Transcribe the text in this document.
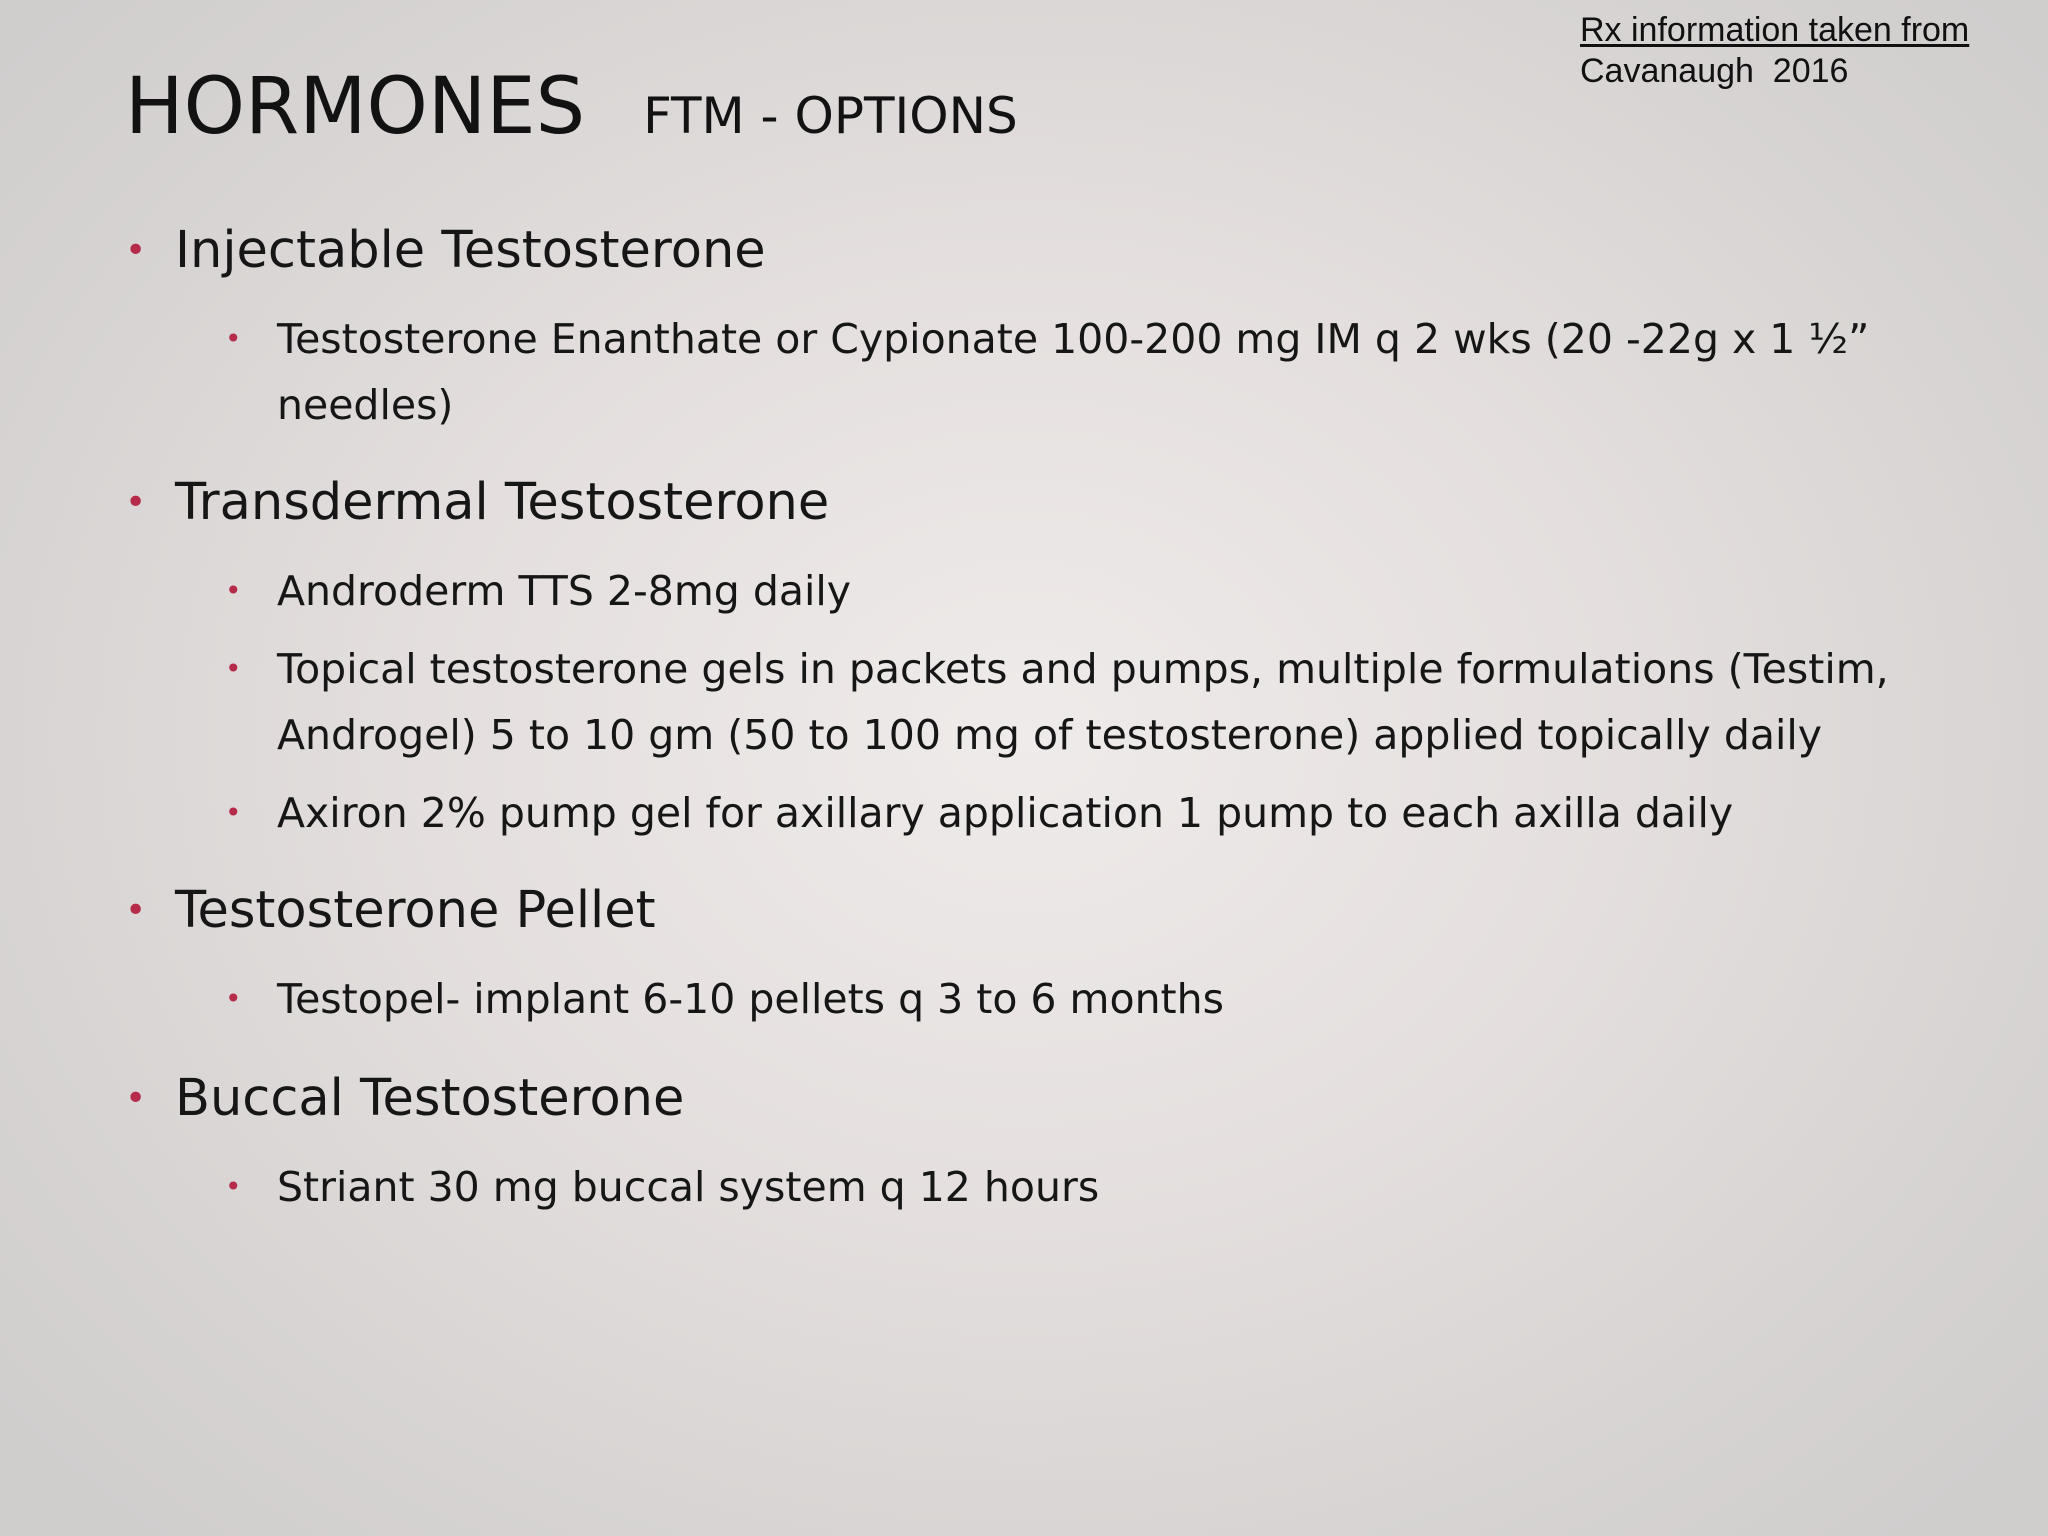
Rx information taken from
Cavanaugh  2016
HORMONES FTM - OPTIONS
• Injectable Testosterone
• Testosterone Enanthate or Cypionate 100-200 mg IM q 2 wks (20 -22g x 1 ½” needles)
• Transdermal Testosterone
• Androderm TTS 2-8mg daily
• Topical testosterone gels in packets and pumps, multiple formulations (Testim, Androgel) 5 to 10 gm (50 to 100 mg of testosterone) applied topically daily
• Axiron 2% pump gel for axillary application 1 pump to each axilla daily
• Testosterone Pellet
• Testopel- implant 6-10 pellets q 3 to 6 months
• Buccal Testosterone
• Striant 30 mg buccal system q 12 hours
